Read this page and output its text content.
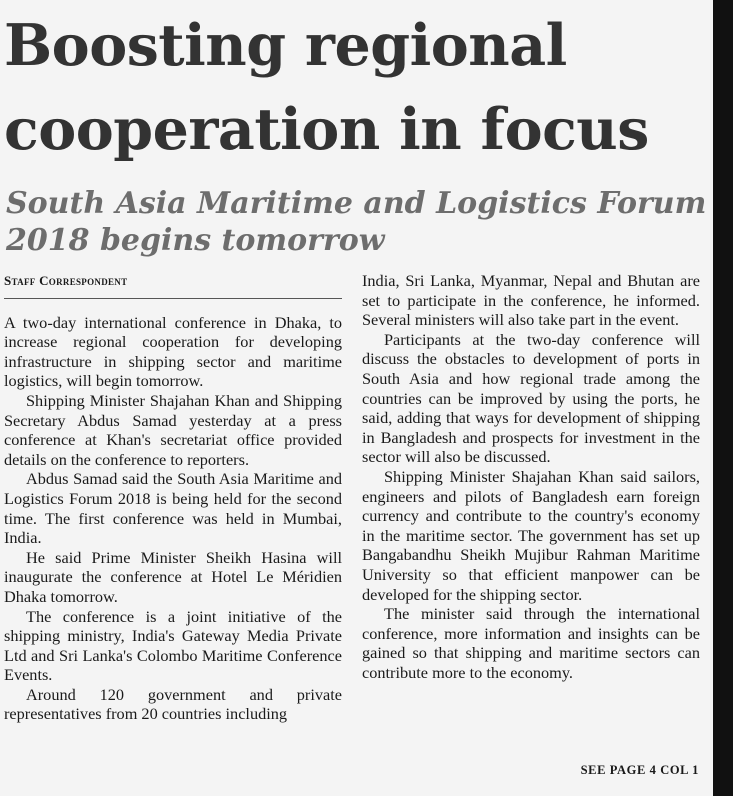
Boosting regional cooperation in focus
South Asia Maritime and Logistics Forum 2018 begins tomorrow
Staff Correspondent

A two-day international conference in Dhaka, to increase regional cooperation for developing infrastructure in shipping sector and maritime logistics, will begin tomorrow.

Shipping Minister Shajahan Khan and Shipping Secretary Abdus Samad yesterday at a press conference at Khan's secretariat office provided details on the conference to reporters.

Abdus Samad said the South Asia Maritime and Logistics Forum 2018 is being held for the second time. The first conference was held in Mumbai, India.

He said Prime Minister Sheikh Hasina will inaugurate the conference at Hotel Le Méridien Dhaka tomorrow.

The conference is a joint initiative of the shipping ministry, India's Gateway Media Private Ltd and Sri Lanka's Colombo Maritime Conference Events.

Around 120 government and private representatives from 20 countries including

India, Sri Lanka, Myanmar, Nepal and Bhutan are set to participate in the conference, he informed. Several ministers will also take part in the event.

Participants at the two-day conference will discuss the obstacles to development of ports in South Asia and how regional trade among the countries can be improved by using the ports, he said, adding that ways for development of shipping in Bangladesh and prospects for investment in the sector will also be discussed.

Shipping Minister Shajahan Khan said sailors, engineers and pilots of Bangladesh earn foreign currency and contribute to the country's economy in the maritime sector. The government has set up Bangabandhu Sheikh Mujibur Rahman Maritime University so that efficient manpower can be developed for the shipping sector.

The minister said through the international conference, more information and insights can be gained so that shipping and maritime sectors can contribute more to the economy.

SEE PAGE 4 COL 1
